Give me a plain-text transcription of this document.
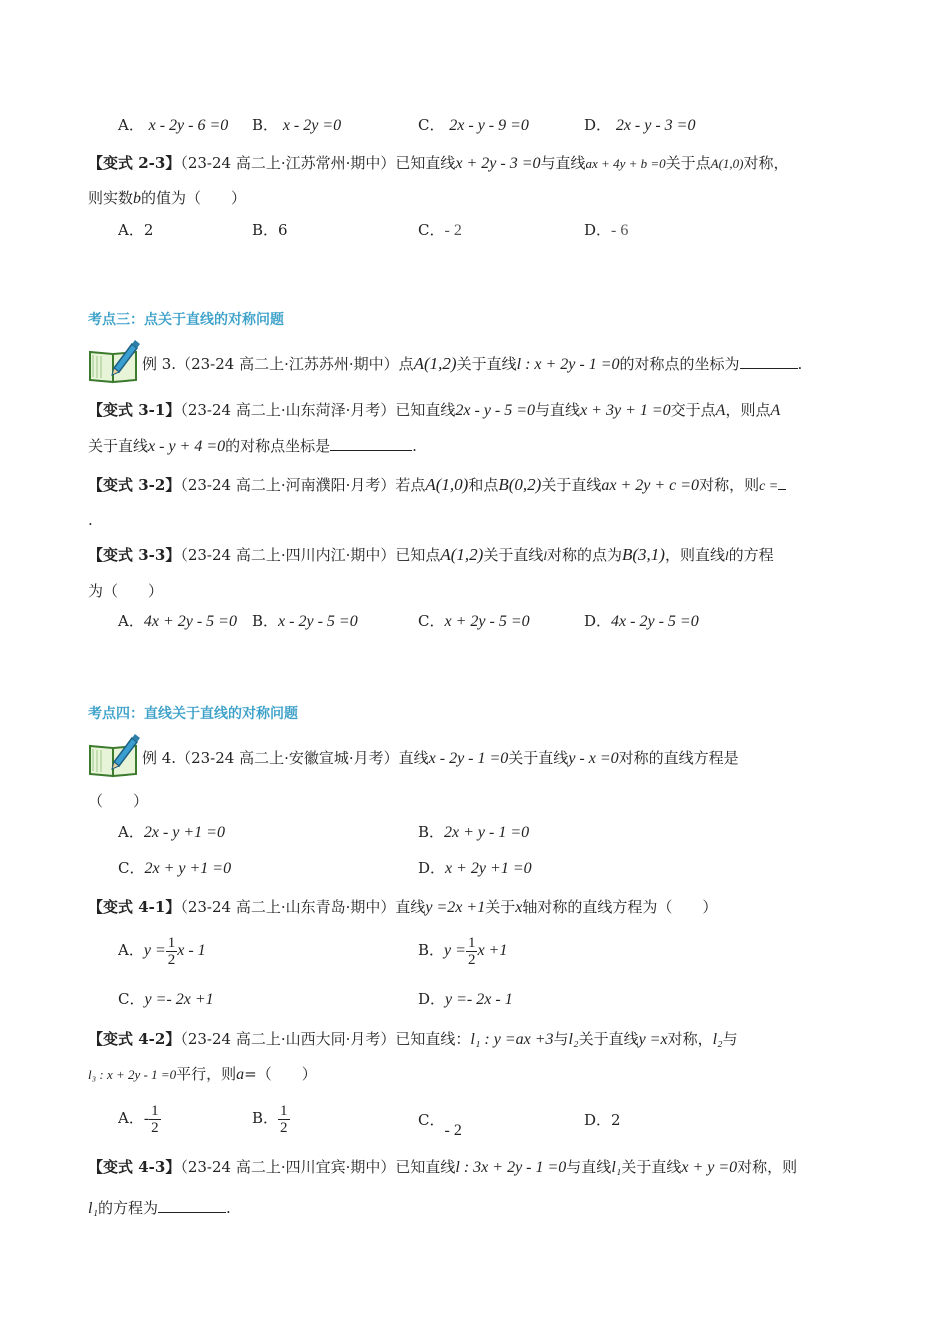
A． x - 2y - 6 =0 B． x - 2y =0	C． 2x - y - 9 =0	D． 2x - y - 3 =0
【变式 2-3】（23-24 高二上·江苏常州·期中）已知直线x + 2y - 3 =0与直线ax + 4y + b =0关于点A(1,0)对称，
则实数b的值为（　　）
A．2	B．6	C．- 2	D．- 6
考点三：点关于直线的对称问题
例 3.（23-24 高二上·江苏苏州·期中）点A(1,2)关于直线l : x + 2y - 1 =0的对称点的坐标为	.
【变式 3-1】（23-24 高二上·山东菏泽·月考）已知直线2x - y - 5 =0与直线x + 3y + 1 =0交于点A，则点A
关于直线x - y + 4 =0的对称点坐标是	.
【变式 3-2】（23-24 高二上·河南濮阳·月考）若点A(1,0)和点B(0,2)关于直线ax + 2y + c =0对称，则c =
.
【变式 3-3】（23-24 高二上·四川内江·期中）已知点A(1,2)关于直线l对称的点为B(3,1)，则直线l的方程
为（　　）
A．4x + 2y - 5 =0 B．x - 2y - 5 =0	C．x + 2y - 5 =0	D．4x - 2y - 5 =0
考点四：直线关于直线的对称问题
例 4.（23-24 高二上·安徽宣城·月考）直线x - 2y - 1 =0关于直线y - x =0对称的直线方程是
（　　）
A．2x - y +1 =0	B．2x + y - 1 =0
C．2x + y +1 =0	D．x + 2y +1 =0
【变式 4-1】（23-24 高二上·山东青岛·期中）直线y =2x +1关于x轴对称的直线方程为（　　）
A．$y = \frac{1}{2}$ x - 1	B．$y = \frac{1}{2}$ x +1
C．y =- 2x +1	D．y =- 2x - 1
【变式 4-2】（23-24 高二上·山西大同·月考）已知直线：l₁ : y =ax +3与l₂关于直线y =x对称，l₂与
l₃ : x + 2y - 1 =0平行，则a=（　　）
A．- $\frac{1}{2}$	B． $\frac{1}{2}$	C．- 2
D．2
【变式 4-3】（23-24 高二上·四川宜宾·期中）已知直线l : 3x + 2y - 1 =0与直线l₁关于直线x + y =0对称，则
l₁的方程为	.
